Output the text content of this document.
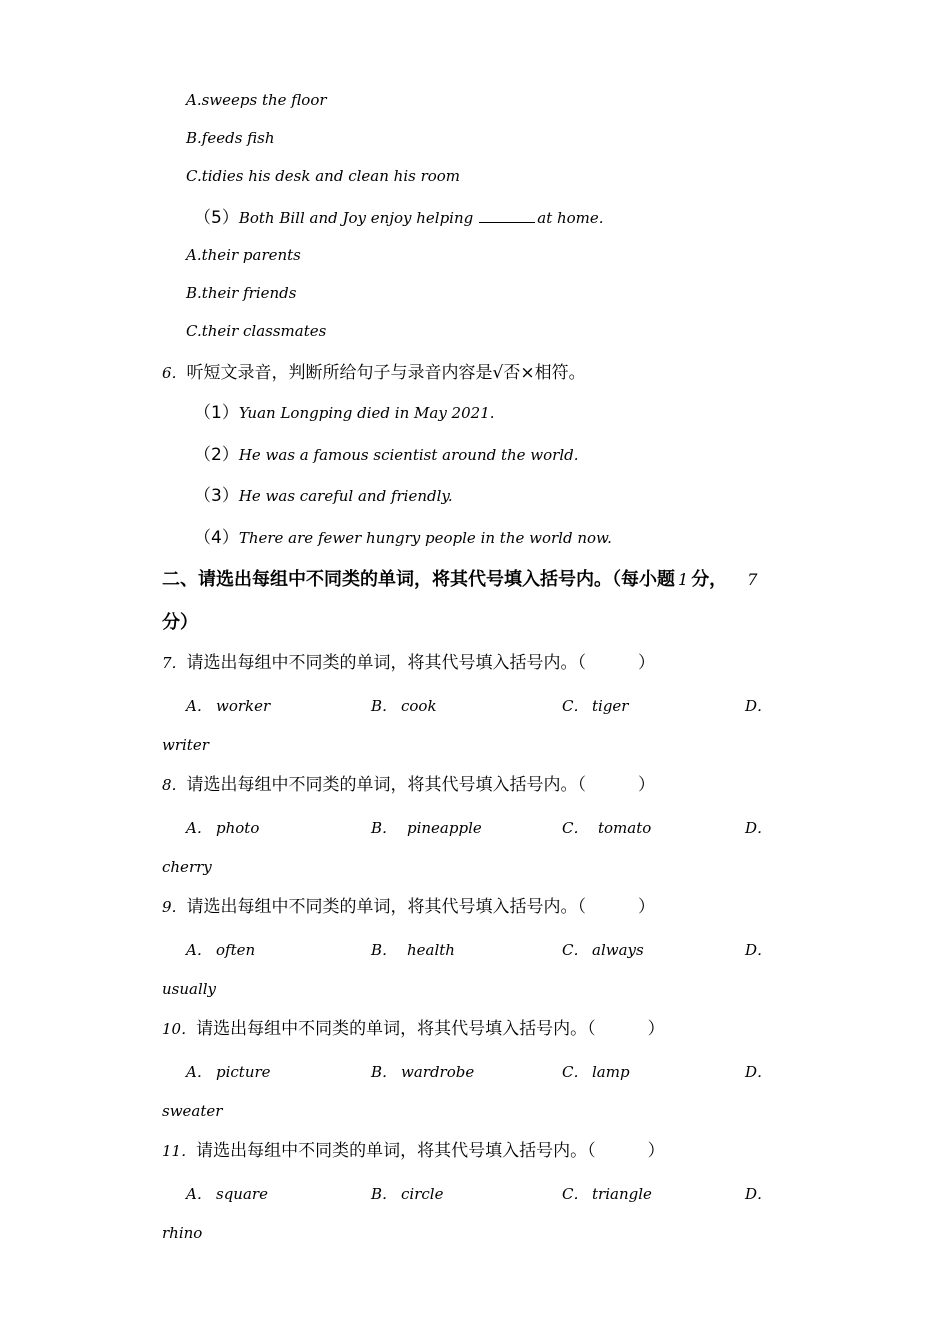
A.sweeps the floor
B.feeds fish
C.tidies his desk and clean his room
（5）Both Bill and Joy enjoy helping	at home.
A.their parents
B.their friends
C.their classmates
6．听短文录音，判断所给句子与录音内容是√否×相符。
（1）Yuan Longping died in May 2021.
（2）He was a famous scientist around the world.
（3）He was careful and friendly.
（4）There are fewer hungry people in the world now.
二、请选出每组中不同类的单词，将其代号填入括号内。（每小题 1 分， 7
分）
7．请选出每组中不同类的单词，将其代号填入括号内。（	）
A． worker	B． cook	C． tiger	D．
writer
8．请选出每组中不同类的单词，将其代号填入括号内。（	）
A． photo	B． pineapple	C． tomato	D．
cherry
9．请选出每组中不同类的单词，将其代号填入括号内。（	）
A． often	B． health	C． always	D．
usually
10．请选出每组中不同类的单词，将其代号填入括号内。（	）
A． picture	B． wardrobe	C． lamp	D．
sweater
11．请选出每组中不同类的单词，将其代号填入括号内。（	）
A． square	B． circle	C． triangle	D．
rhino
